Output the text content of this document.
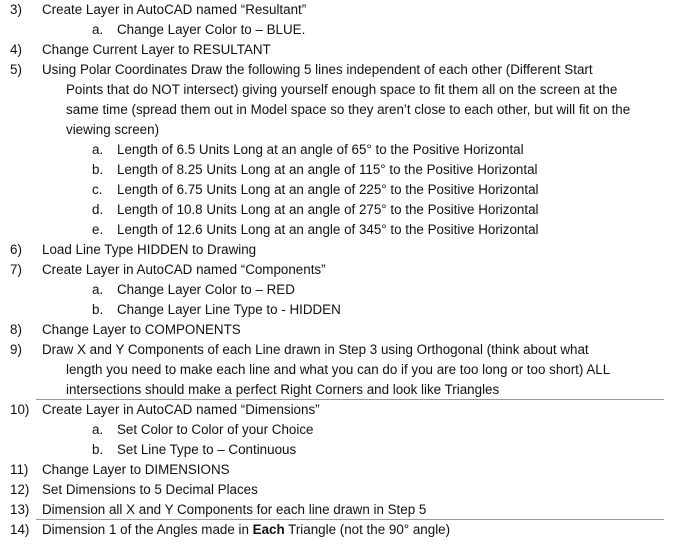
3) Create Layer in AutoCAD named “Resultant”
a. Change Layer Color to – BLUE.
4) Change Current Layer to RESULTANT
5) Using Polar Coordinates Draw the following 5 lines independent of each other (Different Start
Points that do NOT intersect) giving yourself enough space to fit them all on the screen at the
same time (spread them out in Model space so they aren’t close to each other, but will fit on the
viewing screen)
a. Length of 6.5 Units Long at an angle of 65° to the Positive Horizontal
b. Length of 8.25 Units Long at an angle of 115° to the Positive Horizontal
c. Length of 6.75 Units Long at an angle of 225° to the Positive Horizontal
d. Length of 10.8 Units Long at an angle of 275° to the Positive Horizontal
e. Length of 12.6 Units Long at an angle of 345° to the Positive Horizontal
6) Load Line Type HIDDEN to Drawing
7) Create Layer in AutoCAD named “Components”
a. Change Layer Color to – RED
b. Change Layer Line Type to - HIDDEN
8) Change Layer to COMPONENTS
9) Draw X and Y Components of each Line drawn in Step 3 using Orthogonal (think about what
length you need to make each line and what you can do if you are too long or too short) ALL
intersections should make a perfect Right Corners and look like Triangles
10) Create Layer in AutoCAD named “Dimensions”
a. Set Color to Color of your Choice
b. Set Line Type to – Continuous
11) Change Layer to DIMENSIONS
12) Set Dimensions to 5 Decimal Places
13) Dimension all X and Y Components for each line drawn in Step 5
14) Dimension 1 of the Angles made in Each Triangle (not the 90° angle)
